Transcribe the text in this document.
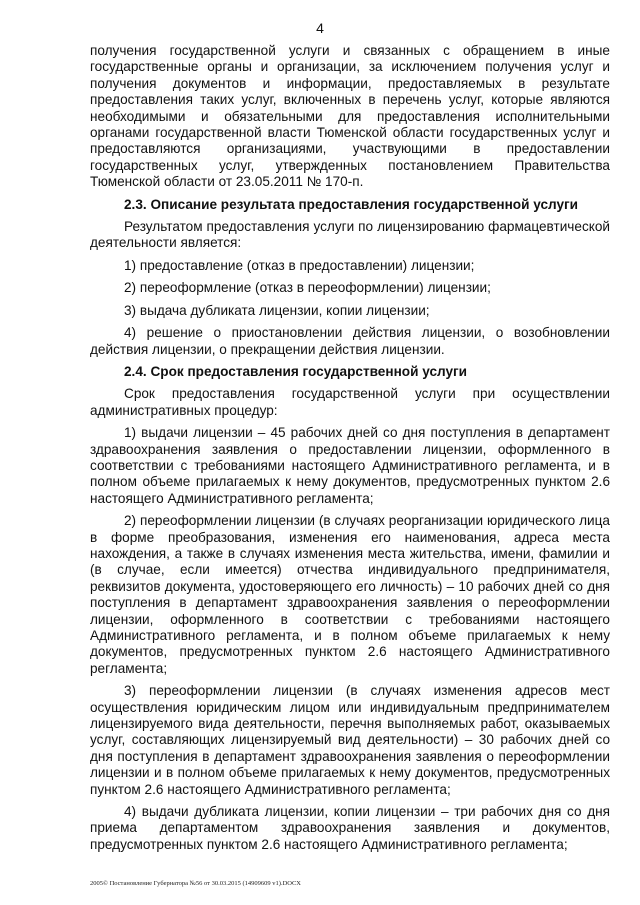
4

получения государственной услуги и связанных с обращением в иные государственные органы и организации, за исключением получения услуг и получения документов и информации, предоставляемых в результате предоставления таких услуг, включенных в перечень услуг, которые являются необходимыми и обязательными для предоставления исполнительными органами государственной власти Тюменской области государственных услуг и предоставляются организациями, участвующими в предоставлении государственных услуг, утвержденных постановлением Правительства Тюменской области от 23.05.2011 № 170-п.

2.3. Описание результата предоставления государственной услуги

Результатом предоставления услуги по лицензированию фармацевтической деятельности является:

1) предоставление (отказ в предоставлении) лицензии;

2) переоформление (отказ в переоформлении) лицензии;

3) выдача дубликата лицензии, копии лицензии;

4) решение о приостановлении действия лицензии, о возобновлении действия лицензии, о прекращении действия лицензии.

2.4. Срок предоставления государственной услуги

Срок предоставления государственной услуги при осуществлении административных процедур:

1) выдачи лицензии – 45 рабочих дней со дня поступления в департамент здравоохранения заявления о предоставлении лицензии, оформленного в соответствии с требованиями настоящего Административного регламента, и в полном объеме прилагаемых к нему документов, предусмотренных пунктом 2.6 настоящего Административного регламента;

2) переоформлении лицензии (в случаях реорганизации юридического лица в форме преобразования, изменения его наименования, адреса места нахождения, а также в случаях изменения места жительства, имени, фамилии и (в случае, если имеется) отчества индивидуального предпринимателя, реквизитов документа, удостоверяющего его личность) – 10 рабочих дней со дня поступления в департамент здравоохранения заявления о переоформлении лицензии, оформленного в соответствии с требованиями настоящего Административного регламента, и в полном объеме прилагаемых к нему документов, предусмотренных пунктом 2.6 настоящего Административного регламента;

3) переоформлении лицензии (в случаях изменения адресов мест осуществления юридическим лицом или индивидуальным предпринимателем лицензируемого вида деятельности, перечня выполняемых работ, оказываемых услуг, составляющих лицензируемый вид деятельности) – 30 рабочих дней со дня поступления в департамент здравоохранения заявления о переоформлении лицензии и в полном объеме прилагаемых к нему документов, предусмотренных пунктом 2.6 настоящего Административного регламента;

4) выдачи дубликата лицензии, копии лицензии – три рабочих дня со дня приема департаментом здравоохранения заявления и документов, предусмотренных пунктом 2.6 настоящего Административного регламента;

2005© Постановление Губернатора №56 от 30.03.2015 (14909609 v1).DOCX
